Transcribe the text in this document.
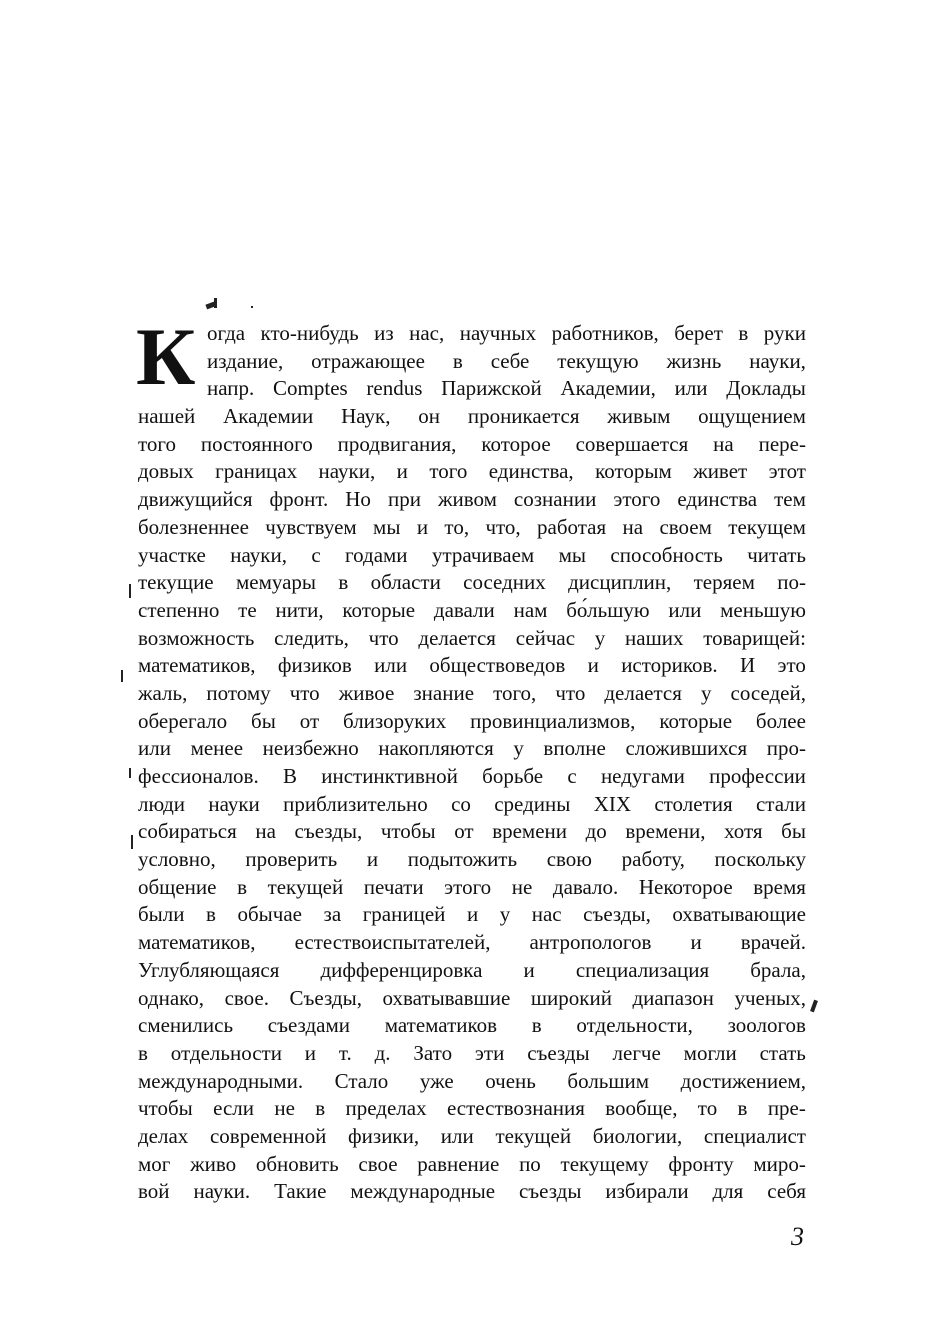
К огда кто-нибудь из нас, научных работников, берет в руки
издание, отражающее в себе текущую жизнь науки,
напр. Comptes rendus Парижской Академии, или Доклады
нашей Академии Наук, он проникается живым ощущением
того постоянного продвигания, которое совершается на пере-
довых границах науки, и того единства, которым живет этот
движущийся фронт. Но при живом сознании этого единства тем
болезненнее чувствуем мы и то, что, работая на своем текущем
участке науки, с годами утрачиваем мы способность читать
текущие мемуары в области соседних дисциплин, теряем по-
степенно те нити, которые давали нам бо́льшую или меньшую
возможность следить, что делается сейчас у наших товарищей:
математиков, физиков или обществоведов и историков. И это
жаль, потому что живое знание того, что делается у соседей,
оберегало бы от близоруких провинциализмов, которые более
или менее неизбежно накопляются у вполне сложившихся про-
фессионалов. В инстинктивной борьбе с недугами профессии
люди науки приблизительно со средины XIX столетия стали
собираться на съезды, чтобы от времени до времени, хотя бы
условно, проверить и подытожить свою работу, поскольку
общение в текущей печати этого не давало. Некоторое время
были в обычае за границей и у нас съезды, охватывающие
математиков, естествоиспытателей, антропологов и врачей.
Углубляющаяся дифференцировка и специализация брала,
однако, свое. Съезды, охватывавшие широкий диапазон ученых,
сменились съездами математиков в отдельности, зоологов
в отдельности и т. д. Зато эти съезды легче могли стать
международными. Стало уже очень большим достижением,
чтобы если не в пределах естествознания вообще, то в пре-
делах современной физики, или текущей биологии, специалист
мог живо обновить свое равнение по текущему фронту миро-
вой науки. Такие международные съезды избирали для себя
3
